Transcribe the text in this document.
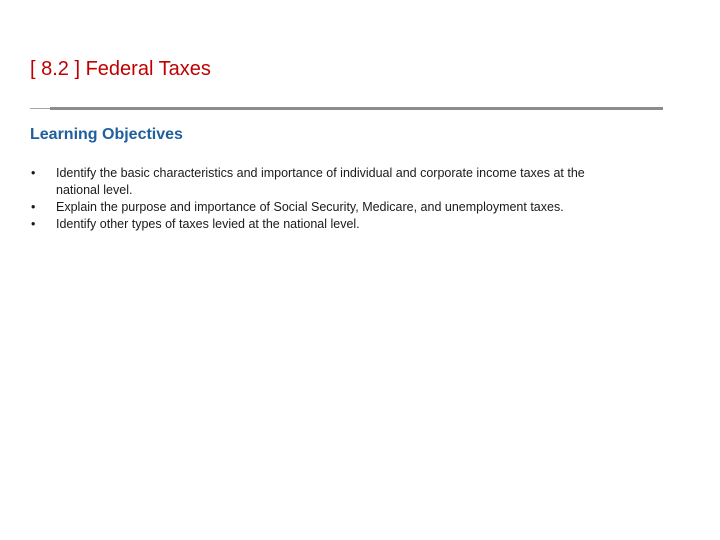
[ 8.2 ] Federal Taxes
Learning Objectives
• Identify the basic characteristics and importance of individual and corporate income taxes at the national level.
• Explain the purpose and importance of Social Security, Medicare, and unemployment taxes.
• Identify other types of taxes levied at the national level.
